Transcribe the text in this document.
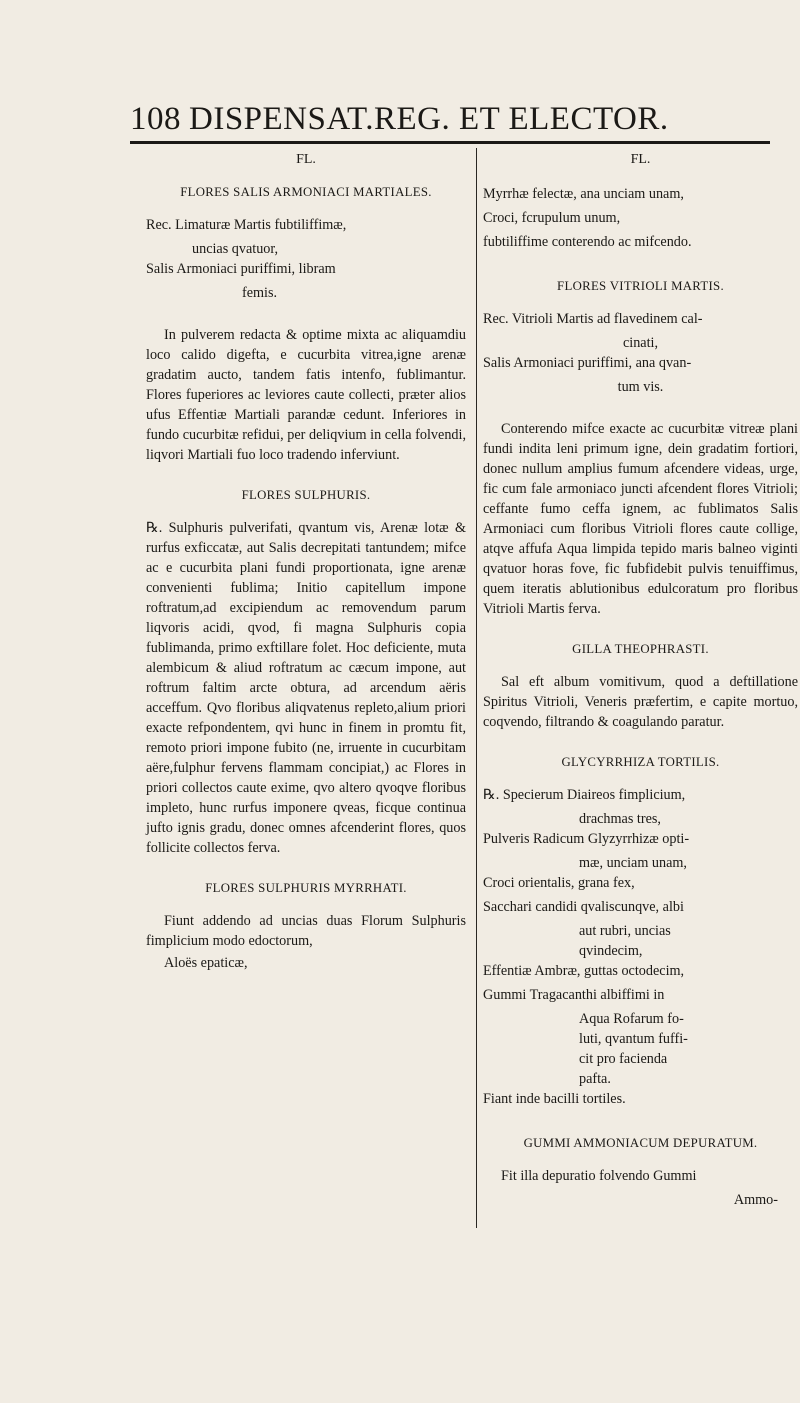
108 DISPENSAT.REG. ET ELECTOR.

FL.

FLORES SALIS ARMONIACI MARTIALES.

Rec. Limaturæ Martis fubtiliffimæ,

uncias qvatuor,

Salis Armoniaci puriffimi, libram

femis.

In pulverem redacta & optime mixta ac aliquamdiu loco calido digefta, e cucurbita vitrea,igne arenæ gradatim aucto, tandem fatis intenfo, fublimantur. Flores fuperiores ac leviores caute collecti, præter alios ufus Effentiæ Martiali parandæ cedunt. Inferiores in fundo cucurbitæ refidui, per deliqvium in cella folvendi, liqvori Martiali fuo loco tradendo inferviunt.

FLORES SULPHURIS.

℞. Sulphuris pulverifati, qvantum vis, Arenæ lotæ & rurfus exficcatæ, aut Salis decrepitati tantundem; mifce ac e cucurbita plani fundi proportionata, igne arenæ convenienti fublima; Initio capitellum impone roftratum,ad excipiendum ac removendum parum liqvoris acidi, qvod, fi magna Sulphuris copia fublimanda, primo exftillare folet. Hoc deficiente, muta alembicum & aliud roftratum ac cæcum impone, aut roftrum faltim arcte obtura, ad arcendum aëris acceffum. Qvo floribus aliqvatenus repleto,alium priori exacte refpondentem, qvi hunc in finem in promtu fit, remoto priori impone fubito (ne, irruente in cucurbitam aëre,fulphur fervens flammam concipiat,) ac Flores in priori collectos caute exime, qvo altero qvoqve floribus impleto, hunc rurfus imponere qveas, ficque continua jufto ignis gradu, donec omnes afcenderint flores, quos follicite collectos ferva.

FLORES SULPHURIS MYRRHATI.

Fiunt addendo ad uncias duas Florum Sulphuris fimplicium modo edoctorum,

Aloës epaticæ,

FL.

Myrrhæ felectæ, ana unciam unam,

Croci, fcrupulum unum,

fubtiliffime conterendo ac mifcendo.

FLORES VITRIOLI MARTIS.

Rec. Vitrioli Martis ad flavedinem cal-

cinati,

Salis Armoniaci puriffimi, ana qvan-

tum vis.

Conterendo mifce exacte ac cucurbitæ vitreæ plani fundi indita leni primum igne, dein gradatim fortiori, donec nullum amplius fumum afcendere videas, urge, fic cum fale armoniaco juncti afcendent flores Vitrioli; ceffante fumo ceffa ignem, ac fublimatos Salis Armoniaci cum floribus Vitrioli flores caute collige, atqve affufa Aqua limpida tepido maris balneo viginti qvatuor horas fove, fic fubfidebit pulvis tenuiffimus, quem iteratis ablutionibus edulcoratum pro floribus Vitrioli Martis ferva.

GILLA THEOPHRASTI.

Sal eft album vomitivum, quod a deftillatione Spiritus Vitrioli, Veneris præfertim, e capite mortuo, coqvendo, filtrando & coagulando paratur.

GLYCYRRHIZA TORTILIS.

℞. Specierum Diaireos fimplicium,

drachmas tres,

Pulveris Radicum Glyzyrrhizæ opti-

mæ, unciam unam,

Croci orientalis, grana fex,

Sacchari candidi qvaliscunqve, albi

aut rubri, uncias

qvindecim,

Effentiæ Ambræ, guttas octodecim,

Gummi Tragacanthi albiffimi in

Aqua Rofarum fo-

luti, qvantum fuffi-

cit pro facienda

pafta.

Fiant inde bacilli tortiles.

GUMMI AMMONIACUM DEPURATUM.

Fit illa depuratio folvendo Gummi

Ammo-
